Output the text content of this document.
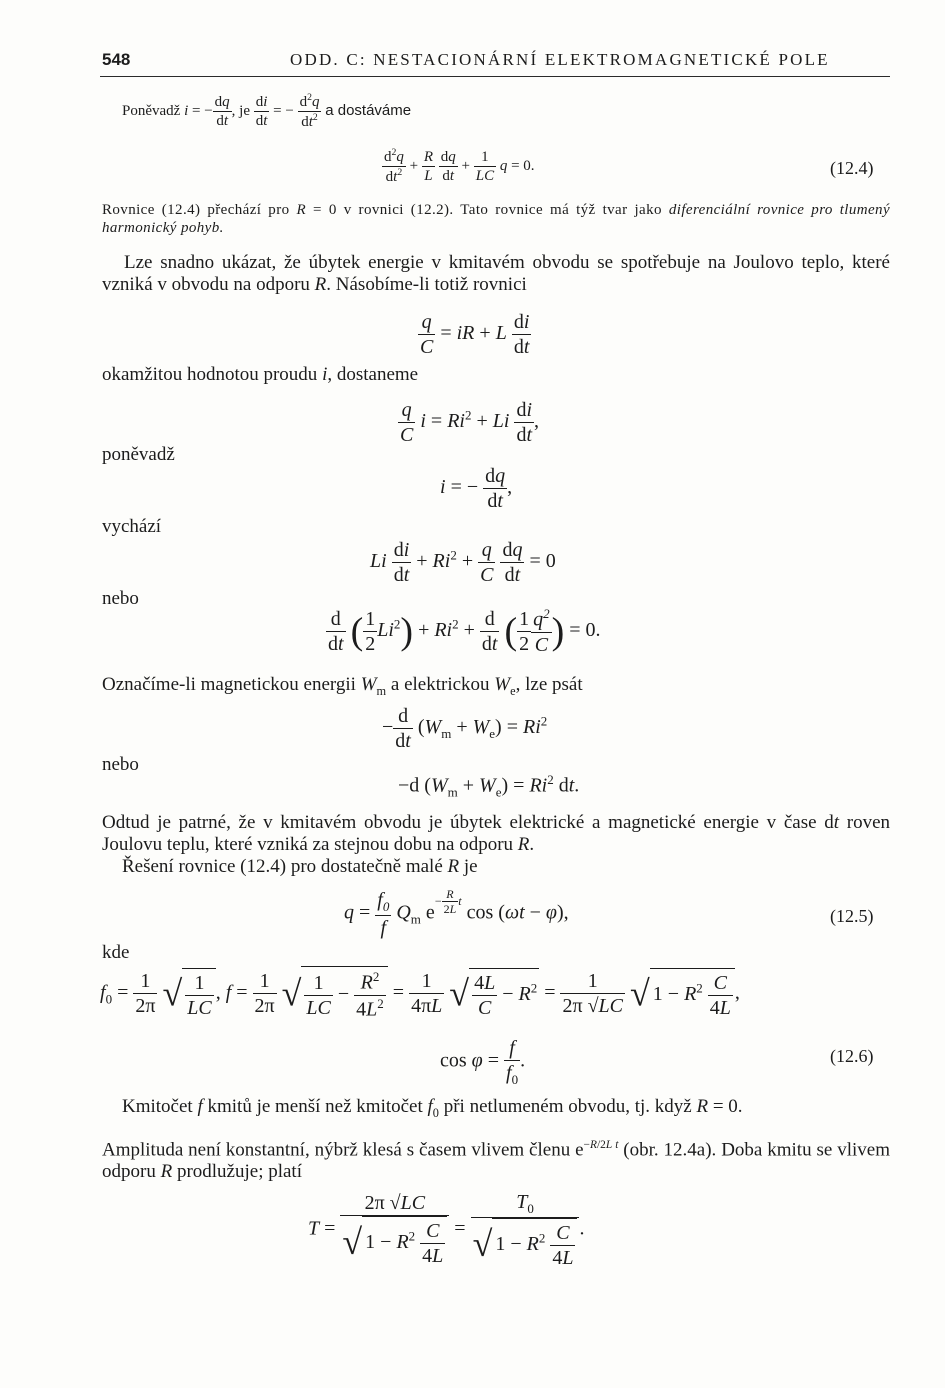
548	ODD. C: NESTACIONÁRNÍ ELEKTROMAGNETICKÉ POLE
Poněvadž i = − $\frac{dq}{dt}$ , je $\frac{di}{dt}$ = − $\frac{d^2q}{dt^2}$ a dostáváme
$\frac{d^2q}{dt^2} + \frac{R}{L}$
$\frac{dq}{dt} + \frac{1}{LC}$ q = 0.	(12.4)
Rovnice (12.4) přechází pro R = 0 v rovnici (12.2). Tato rovnice má týž tvar jako diferenciální rovnice pro tlumený harmonický pohyb.
Lze snadno ukázat, že úbytek energie v kmitavém obvodu se spotřebuje na Joulovo teplo, které vzniká v obvodu na odporu R. Násobíme-li totiž rovnici
$\frac{q}{C}$ = iR + L $\frac{di}{dt}$
okamžitou hodnotou proudu i, dostaneme
$\frac{q}{C}$ $i = Ri^2 + Li \frac{di}{dt}$ ,
poněvadž
i = − $\frac{dq}{dt}$ ,
vychází
Li $\frac{di}{dt} + Ri^2 + \frac{q}{C}$
$\frac{dq}{dt} = 0$
nebo
$\frac{d}{dt}$ ( $\frac{1}{2} Li^2) + Ri^2 + \frac{d}{dt}$ ( $\frac{1}{2} \frac{q^2}{C}$ ) = 0.
Označíme-li magnetickou energii $W_m$ a elektrickou $W_e$, lze psát
− $\frac{d}{dt} (W_m + W_e) = Ri^2$
nebo
−d $(W_m + W_e) = Ri^2$ dt.
Odtud je patrné, že v kmitavém obvodu je úbytek elektrické a magnetické energie v čase dt roven Joulovu teplu, které vzniká za stejnou dobu na odporu R.
Řešení rovnice (12.4) pro dostatečně malé R je
$q = \frac{f_0}{f} Q_m$ $e^{- \frac{R}{2L} t}$ cos (ωt − φ),	(12.5)
kde
$f_0 = \frac{1}{2\pi}$ √ $\frac{1}{LC}$ , $f = \frac{1}{2\pi}$ √ $\frac{1}{LC} - \frac{R^2}{4L^2} = \frac{1}{4\pi L}$ √ $\frac{4L}{C} - R^2 = \frac{1}{2\pi √LC}$ √ $1 - R^2 \frac{C}{4L}$ ,
$\cos \varphi = \frac{f}{f_0}$ .	(12.6)
Kmitočet f kmitů je menší než kmitočet $f_0$ při netlumeném obvodu, tj. když R = 0.
Amplituda není konstantní, nýbrž klesá s časem vlivem členu $e^{-R/2L t}$ (obr. 12.4a). Doba kmitu se vlivem odporu R prodlužuje; platí
$T = \frac{2\pi √LC}{√ 1 - R^2 \frac{C}{4L}} = \frac{T_0}{√ 1 - R^2 \frac{C}{4L}}$ .
